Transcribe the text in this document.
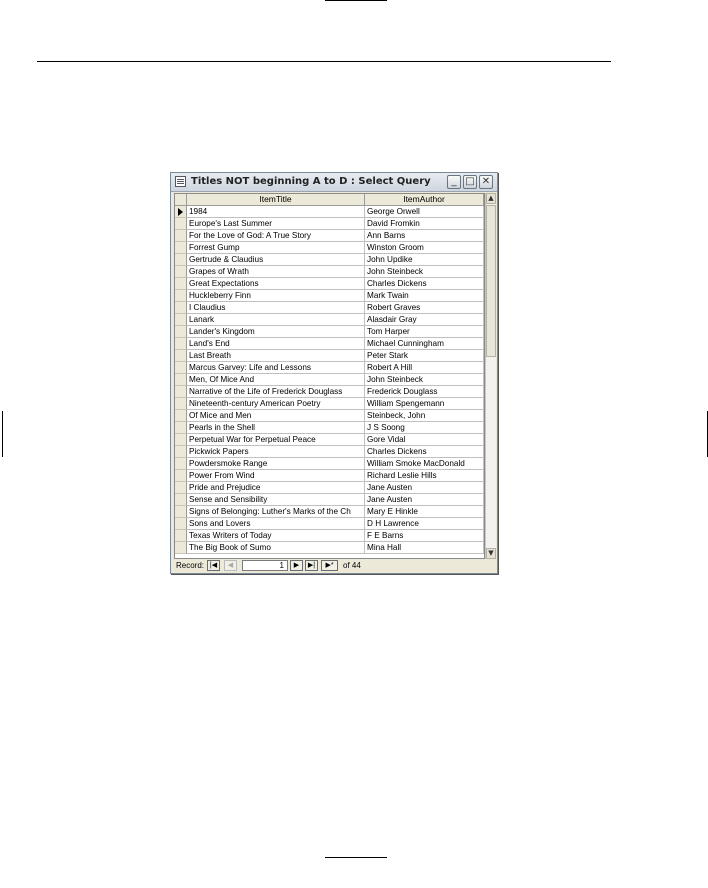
Titles NOT beginning A to D : Select Query	_ □ ✕
ItemTitle	ItemAuthor
1984	George Orwell
Europe's Last Summer	David Fromkin
For the Love of God: A True Story	Ann Barns
Forrest Gump	Winston Groom
Gertrude & Claudius	John Updike
Grapes of Wrath	John Steinbeck
Great Expectations	Charles Dickens
Huckleberry Finn	Mark Twain
I Claudius	Robert Graves
Lanark	Alasdair Gray
Lander's Kingdom	Tom Harper
Land's End	Michael Cunningham
Last Breath	Peter Stark
Marcus Garvey: Life and Lessons	Robert A Hill
Men, Of Mice And	John Steinbeck
Narrative of the Life of Frederick Douglass	Frederick Douglass
Nineteenth-century American Poetry	William Spengemann
Of Mice and Men	Steinbeck, John
Pearls in the Shell	J S Soong
Perpetual War for Perpetual Peace	Gore Vidal
Pickwick Papers	Charles Dickens
Powdersmoke Range	William Smoke MacDonald
Power From Wind	Richard Leslie Hills
Pride and Prejudice	Jane Austen
Sense and Sensibility	Jane Austen
Signs of Belonging: Luther's Marks of the Ch	Mary E Hinkle
Sons and Lovers	D H Lawrence
Texas Writers of Today	F E Barns
The Big Book of Sumo	Mina Hall
▲
▼
Record: |◀	◀	1	▶	▶|	▶*	of 44
